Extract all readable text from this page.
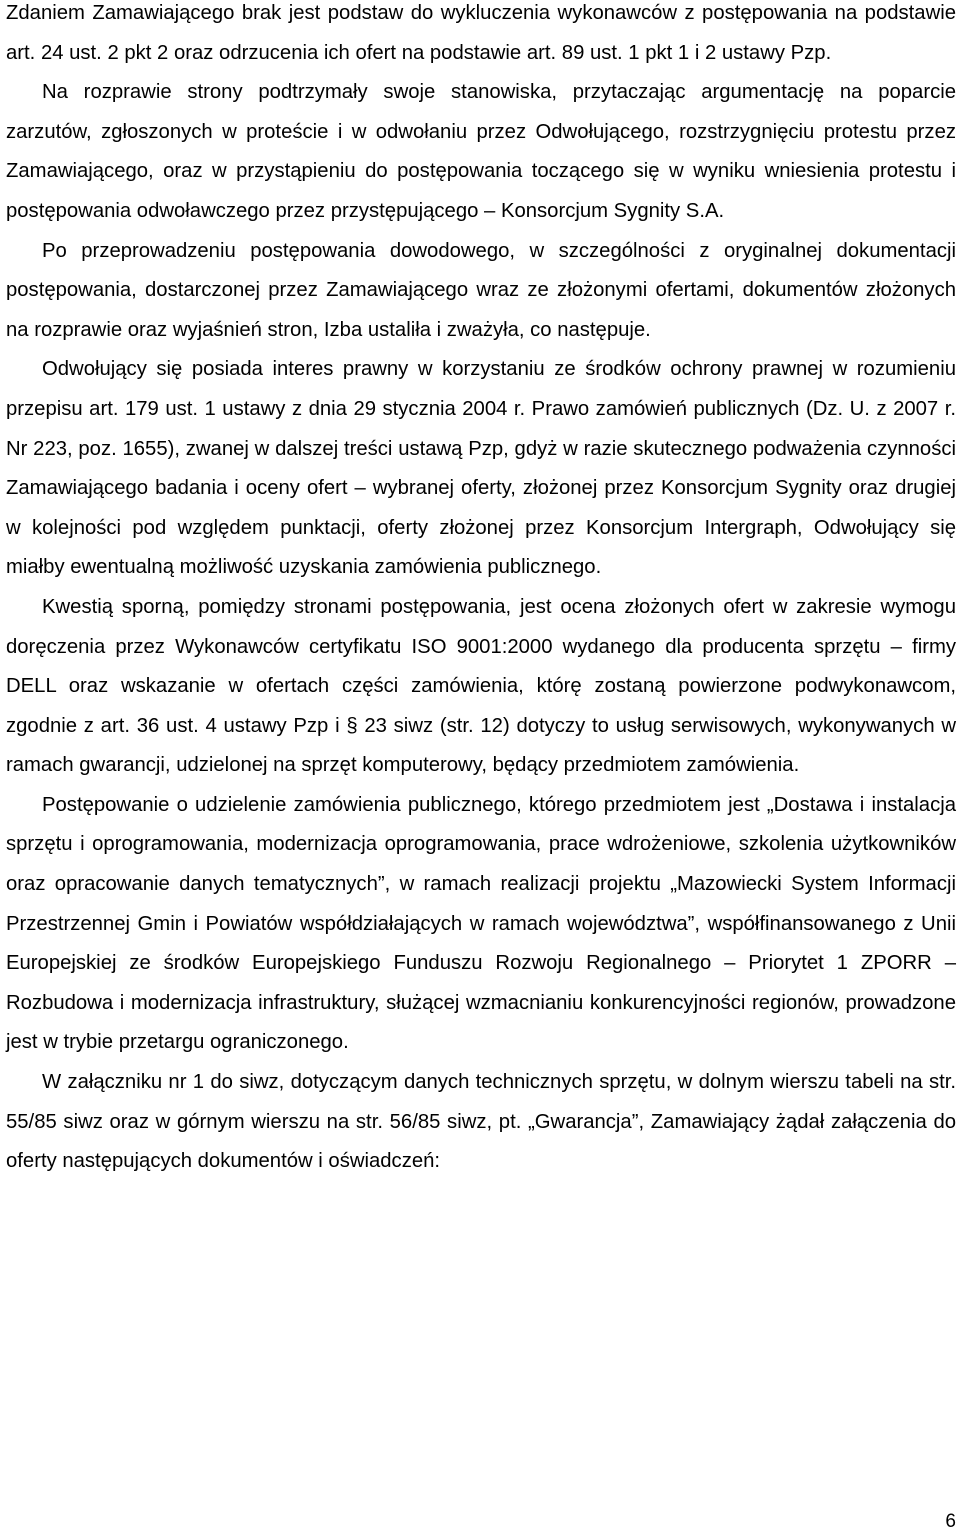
Zdaniem Zamawiającego brak jest podstaw do wykluczenia wykonawców z postępowania na podstawie art. 24 ust. 2 pkt 2 oraz odrzucenia ich ofert na podstawie art. 89 ust. 1 pkt 1 i 2 ustawy Pzp.

Na rozprawie strony podtrzymały swoje stanowiska, przytaczając argumentację na poparcie zarzutów, zgłoszonych w proteście i w odwołaniu przez Odwołującego, rozstrzygnięciu protestu przez Zamawiającego, oraz w przystąpieniu do postępowania toczącego się w wyniku wniesienia protestu i postępowania odwoławczego przez przystępującego – Konsorcjum Sygnity S.A.

Po przeprowadzeniu postępowania dowodowego, w szczególności z oryginalnej dokumentacji postępowania, dostarczonej przez Zamawiającego wraz ze złożonymi ofertami, dokumentów złożonych na rozprawie oraz wyjaśnień stron, Izba ustaliła i zważyła, co następuje.

Odwołujący się posiada interes prawny w korzystaniu ze środków ochrony prawnej w rozumieniu przepisu art. 179 ust. 1 ustawy z dnia 29 stycznia 2004 r. Prawo zamówień publicznych (Dz. U. z 2007 r. Nr 223, poz. 1655), zwanej w dalszej treści ustawą Pzp, gdyż w razie skutecznego podważenia czynności Zamawiającego badania i oceny ofert – wybranej oferty, złożonej przez Konsorcjum Sygnity oraz drugiej w kolejności pod względem punktacji, oferty złożonej przez Konsorcjum Intergraph, Odwołujący się miałby ewentualną możliwość uzyskania zamówienia publicznego.

Kwestią sporną, pomiędzy stronami postępowania, jest ocena złożonych ofert w zakresie wymogu doręczenia przez Wykonawców certyfikatu ISO 9001:2000 wydanego dla producenta sprzętu – firmy DELL oraz wskazanie w ofertach części zamówienia, którę zostaną powierzone podwykonawcom, zgodnie z art. 36 ust. 4 ustawy Pzp i § 23 siwz (str. 12) dotyczy to usług serwisowych, wykonywanych w ramach gwarancji, udzielonej na sprzęt komputerowy, będący przedmiotem zamówienia.

Postępowanie o udzielenie zamówienia publicznego, którego przedmiotem jest „Dostawa i instalacja sprzętu i oprogramowania, modernizacja oprogramowania, prace wdrożeniowe, szkolenia użytkowników oraz opracowanie danych tematycznych”, w ramach realizacji projektu „Mazowiecki System Informacji Przestrzennej Gmin i Powiatów współdziałających w ramach województwa”, współfinansowanego z Unii Europejskiej ze środków Europejskiego Funduszu Rozwoju Regionalnego – Priorytet 1 ZPORR – Rozbudowa i modernizacja infrastruktury, służącej wzmacnianiu konkurencyjności regionów, prowadzone jest w trybie przetargu ograniczonego.

W załączniku nr 1 do siwz, dotyczącym danych technicznych sprzętu, w dolnym wierszu tabeli na str. 55/85 siwz oraz w górnym wierszu na str. 56/85 siwz, pt. „Gwarancja”, Zamawiający żądał załączenia do oferty następujących dokumentów i oświadczeń:

6
